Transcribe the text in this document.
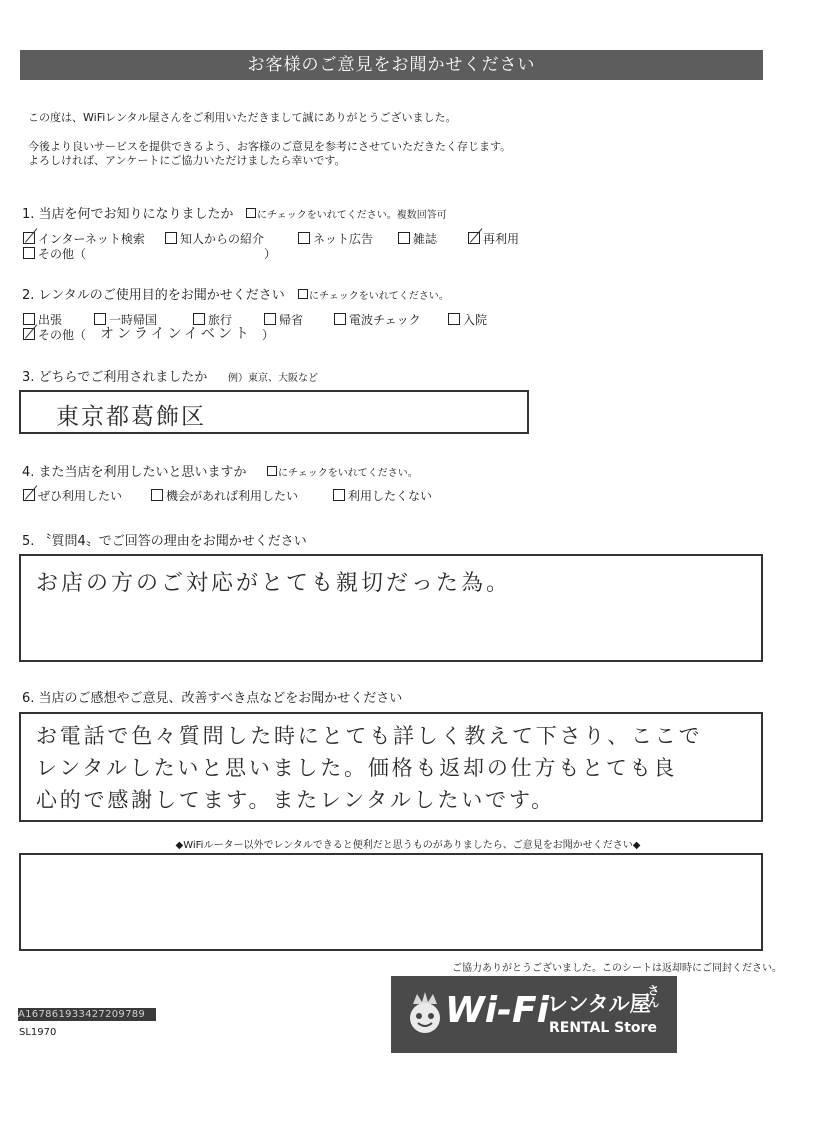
お客様のご意見をお聞かせください
この度は、WiFiレンタル屋さんをご利用いただきまして誠にありがとうございました。
今後より良いサービスを提供できるよう、お客様のご意見を参考にさせていただきたく存じます。
よろしければ、アンケートにご協力いただけましたら幸いです。
1. 当店を何でお知りになりましたか	にチェックをいれてください。複数回答可
インターネット検索	知人からの紹介	ネット広告	雑誌	再利用
その他（	）
2. レンタルのご使用目的をお聞かせください	にチェックをいれてください。
出張	一時帰国	旅行	帰省	電波チェック	入院
その他（ オンラインイベント ）
3. どちらでご利用されましたか 例）東京、大阪など
東京都葛飾区
4. また当店を利用したいと思いますか	にチェックをいれてください。
ぜひ利用したい	機会があれば利用したい	利用したくない
5. 〝質問4〟でご回答の理由をお聞かせください
お店の方のご対応がとても親切だった為。
6. 当店のご感想やご意見、改善すべき点などをお聞かせください
お電話で色々質問した時にとても詳しく教えて下さり、ここで
レンタルしたいと思いました。価格も返却の仕方もとても良
心的で感謝してます。またレンタルしたいです。
◆WiFiルーター以外でレンタルできると便利だと思うものがありましたら、ご意見をお聞かせください◆
ご協力ありがとうございました。このシートは返却時にご同封ください。
A167861933427209789
SL1970
Wi-Fi
レンタル屋
さん
RENTAL Store
